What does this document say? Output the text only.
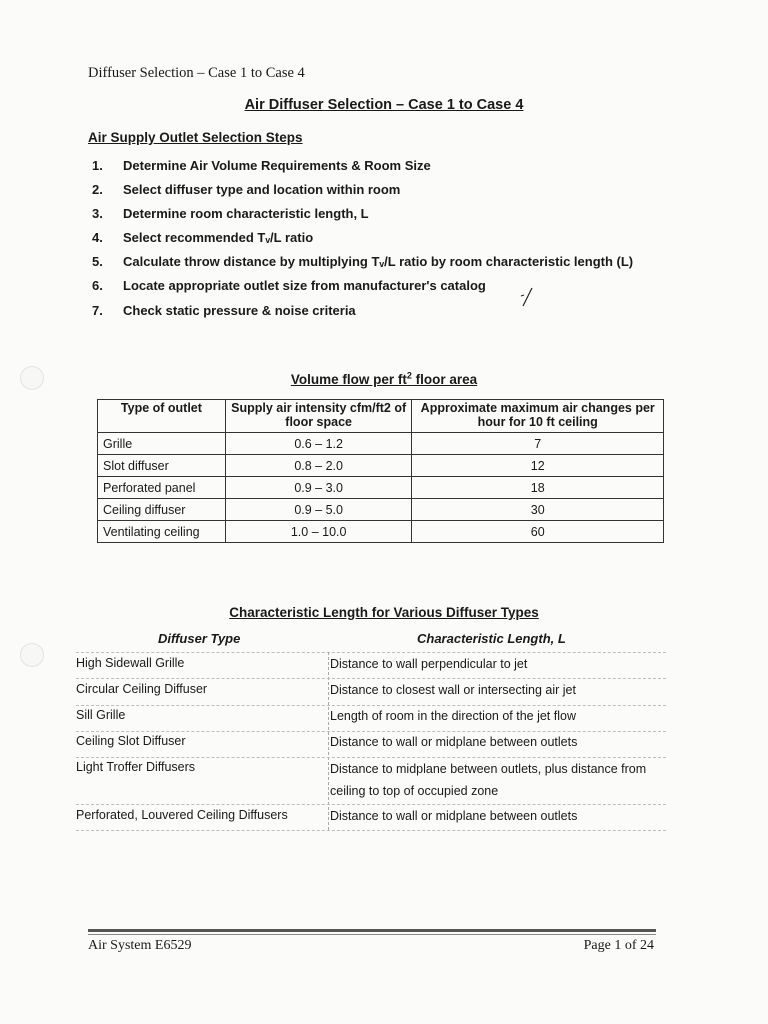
Diffuser Selection – Case 1 to Case 4
Air Diffuser Selection – Case 1 to Case 4
Air Supply Outlet Selection Steps
1.	Determine Air Volume Requirements & Room Size
2.	Select diffuser type and location within room
3.	Determine room characteristic length, L
4.	Select recommended Tᵥ/L ratio
5.	Calculate throw distance by multiplying Tᵥ/L ratio by room characteristic length (L)
6.	Locate appropriate outlet size from manufacturer's catalog
7.	Check static pressure & noise criteria
Volume flow per $ft^2$ floor area
Type of outlet	Supply air intensity cfm/ft2 of floor space	Approximate maximum air changes per hour for 10 ft ceiling
Grille	0.6 – 1.2	7
Slot diffuser	0.8 – 2.0	12
Perforated panel	0.9 – 3.0	18
Ceiling diffuser	0.9 – 5.0	30
Ventilating ceiling	1.0 – 10.0	60
Characteristic Length for Various Diffuser Types
Diffuser Type	Characteristic Length, L
High Sidewall Grille	Distance to wall perpendicular to jet
Circular Ceiling Diffuser	Distance to closest wall or intersecting air jet
Sill Grille	Length of room in the direction of the jet flow
Ceiling Slot Diffuser	Distance to wall or midplane between outlets
Light Troffer Diffusers	Distance to midplane between outlets, plus distance from ceiling to top of occupied zone
Perforated, Louvered Ceiling Diffusers	Distance to wall or midplane between outlets
Air System E6529	Page 1 of 24
